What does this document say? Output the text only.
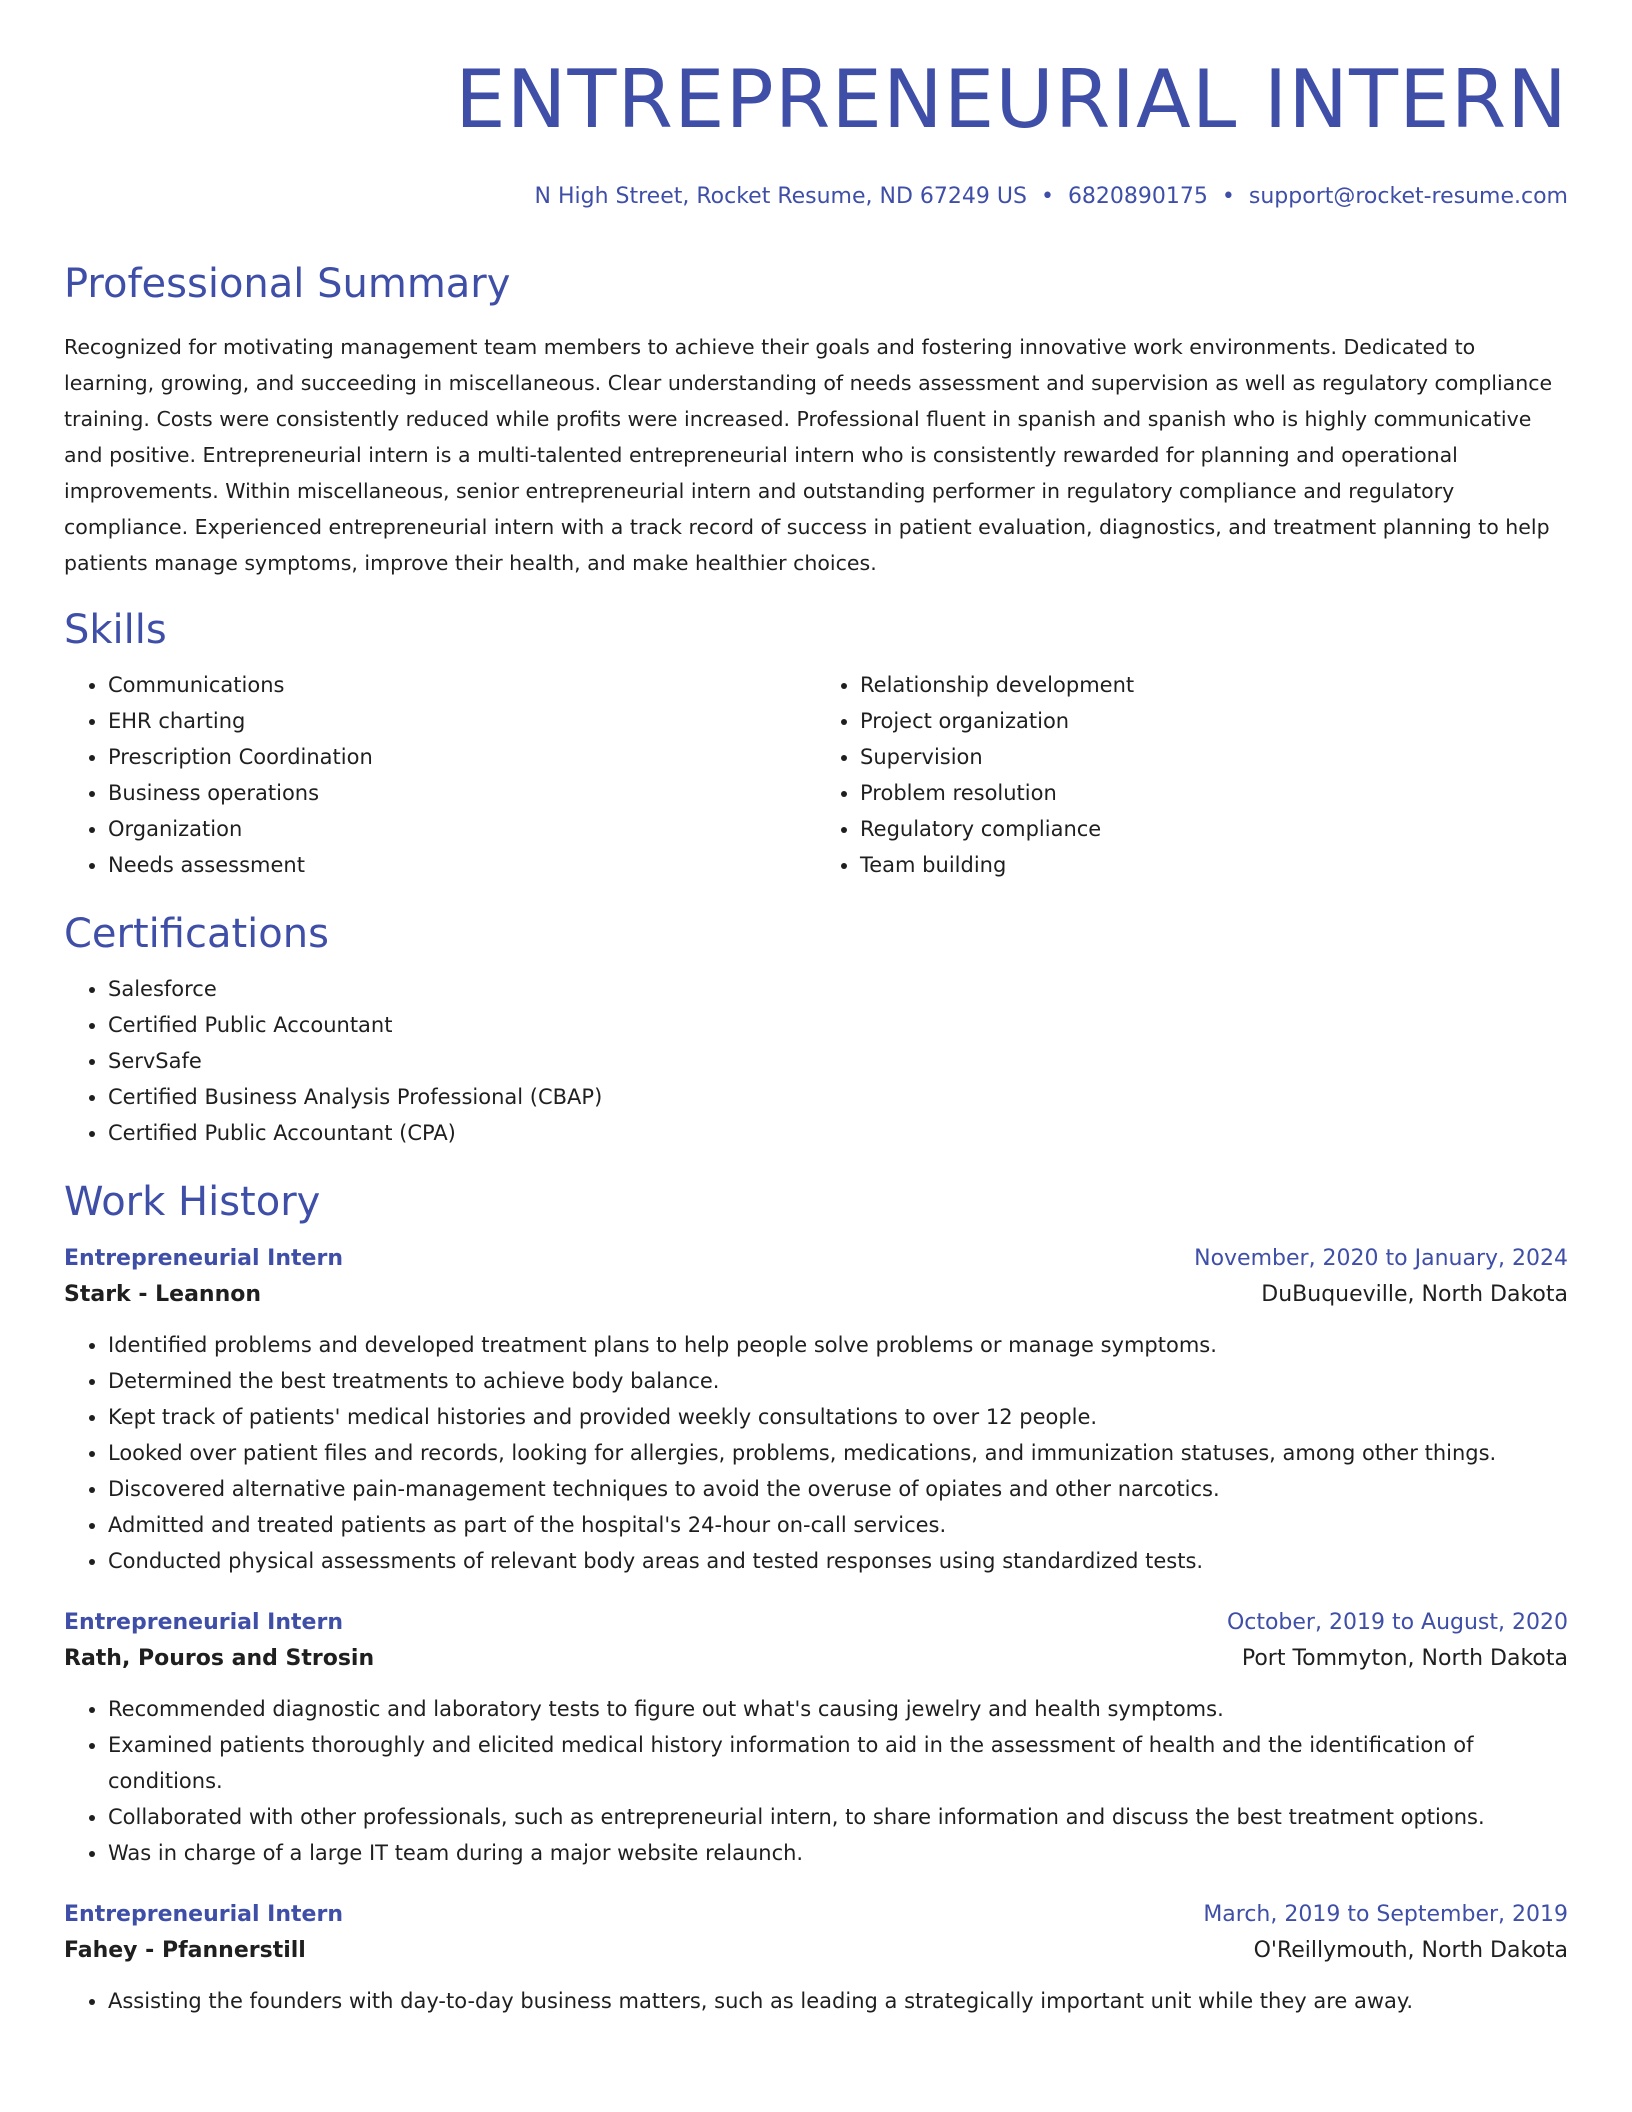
ENTREPRENEURIAL INTERN
N High Street, Rocket Resume, ND 67249 US • 6820890175 • support@rocket-resume.com
Professional Summary
Recognized for motivating management team members to achieve their goals and fostering innovative work environments. Dedicated to learning, growing, and succeeding in miscellaneous. Clear understanding of needs assessment and supervision as well as regulatory compliance training. Costs were consistently reduced while profits were increased. Professional fluent in spanish and spanish who is highly communicative and positive. Entrepreneurial intern is a multi-talented entrepreneurial intern who is consistently rewarded for planning and operational improvements. Within miscellaneous, senior entrepreneurial intern and outstanding performer in regulatory compliance and regulatory compliance. Experienced entrepreneurial intern with a track record of success in patient evaluation, diagnostics, and treatment planning to help patients manage symptoms, improve their health, and make healthier choices.
Skills
• Communications
• EHR charting
• Prescription Coordination
• Business operations
• Organization
• Needs assessment
• Relationship development
• Project organization
• Supervision
• Problem resolution
• Regulatory compliance
• Team building
Certifications
• Salesforce
• Certified Public Accountant
• ServSafe
• Certified Business Analysis Professional (CBAP)
• Certified Public Accountant (CPA)
Work History
Entrepreneurial Intern	November, 2020 to January, 2024
Stark - Leannon	DuBuqueville, North Dakota
• Identified problems and developed treatment plans to help people solve problems or manage symptoms.
• Determined the best treatments to achieve body balance.
• Kept track of patients' medical histories and provided weekly consultations to over 12 people.
• Looked over patient files and records, looking for allergies, problems, medications, and immunization statuses, among other things.
• Discovered alternative pain-management techniques to avoid the overuse of opiates and other narcotics.
• Admitted and treated patients as part of the hospital's 24-hour on-call services.
• Conducted physical assessments of relevant body areas and tested responses using standardized tests.
Entrepreneurial Intern	October, 2019 to August, 2020
Rath, Pouros and Strosin	Port Tommyton, North Dakota
• Recommended diagnostic and laboratory tests to figure out what's causing jewelry and health symptoms.
• Examined patients thoroughly and elicited medical history information to aid in the assessment of health and the identification of conditions.
• Collaborated with other professionals, such as entrepreneurial intern, to share information and discuss the best treatment options.
• Was in charge of a large IT team during a major website relaunch.
Entrepreneurial Intern	March, 2019 to September, 2019
Fahey - Pfannerstill	O'Reillymouth, North Dakota
• Assisting the founders with day-to-day business matters, such as leading a strategically important unit while they are away.
